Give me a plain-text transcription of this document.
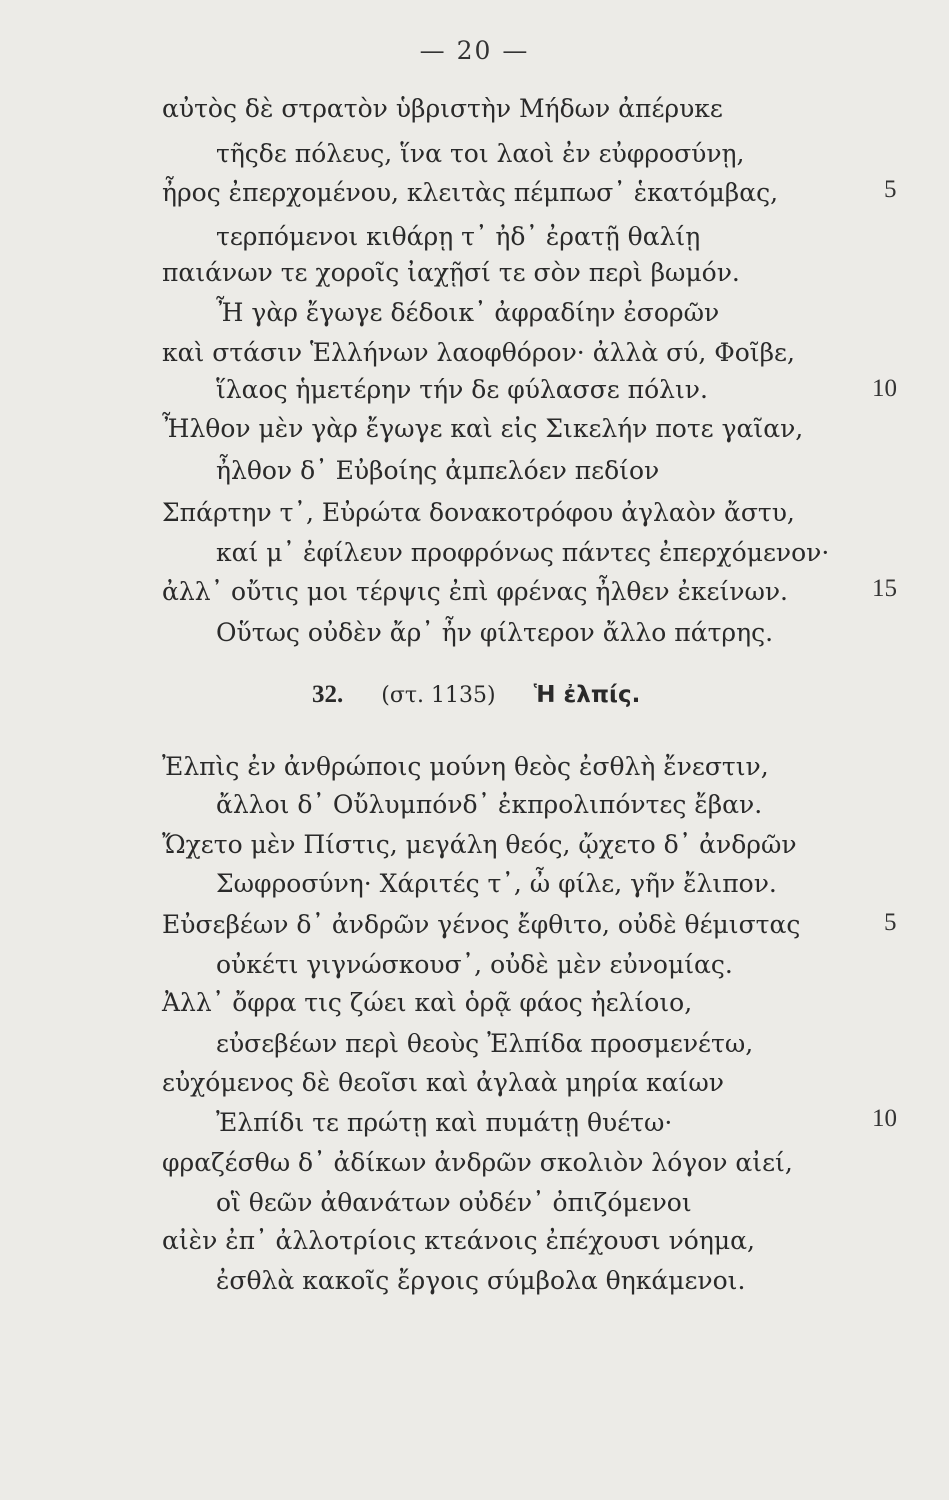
— 20 —
αὐτὸς δὲ στρατὸν ὑβριστὴν Μήδων ἀπέρυκε
τῆςδε πόλευς, ἵνα τοι λαοὶ ἐν εὐφροσύνῃ,
ἦρος ἐπερχομένου, κλειτὰς πέμπωσ᾿ ἑκατόμβας,
τερπόμενοι κιθάρῃ τ᾿ ἠδ᾿ ἐρατῇ θαλίῃ
παιάνων τε χοροῖς ἰαχῇσί τε σὸν περὶ βωμόν.
Ἦ γὰρ ἔγωγε δέδοικ᾿ ἀφραδίην ἐσορῶν
καὶ στάσιν Ἑλλήνων λαοφθόρον· ἀλλὰ σύ, Φοῖβε,
ἵλαος ἡμετέρην τήν δε φύλασσε πόλιν.
Ἦλθον μὲν γὰρ ἔγωγε καὶ εἰς Σικελήν ποτε γαῖαν,
ἦλθον δ᾿ Εὐβοίης ἀμπελόεν πεδίον
Σπάρτην τ᾿, Εὐρώτα δονακοτρόφου ἀγλαὸν ἄστυ,
καί μ᾿ ἐφίλευν προφρόνως πάντες ἐπερχόμενον·
ἀλλ᾿ οὔτις μοι τέρψις ἐπὶ φρένας ἦλθεν ἐκείνων.
Οὕτως οὐδὲν ἄρ᾿ ἦν φίλτερον ἄλλο πάτρης.
5
10
15
32. (στ. 1135) Ἡ ἐλπίς.
Ἐλπὶς ἐν ἀνθρώποις μούνη θεὸς ἐσθλὴ ἔνεστιν,
ἄλλοι δ᾿ Οὔλυμπόνδ᾿ ἐκπρολιπόντες ἔβαν.
Ὤχετο μὲν Πίστις, μεγάλη θεός, ᾤχετο δ᾿ ἀνδρῶν
Σωφροσύνη· Χάριτές τ᾿, ὦ φίλε, γῆν ἔλιπον.
Εὐσεβέων δ᾿ ἀνδρῶν γένος ἔφθιτο, οὐδὲ θέμιστας
οὐκέτι γιγνώσκουσ᾿, οὐδὲ μὲν εὐνομίας.
Ἀλλ᾿ ὄφρα τις ζώει καὶ ὁρᾷ φάος ἠελίοιο,
εὐσεβέων περὶ θεοὺς Ἐλπίδα προσμενέτω,
εὐχόμενος δὲ θεοῖσι καὶ ἀγλαὰ μηρία καίων
Ἐλπίδι τε πρώτῃ καὶ πυμάτῃ θυέτω·
φραζέσθω δ᾿ ἀδίκων ἀνδρῶν σκολιὸν λόγον αἰεί,
οἳ θεῶν ἀθανάτων οὐδέν᾿ ὀπιζόμενοι
αἰὲν ἐπ᾿ ἀλλοτρίοις κτεάνοις ἐπέχουσι νόημα,
ἐσθλὰ κακοῖς ἔργοις σύμβολα θηκάμενοι.
5
10
